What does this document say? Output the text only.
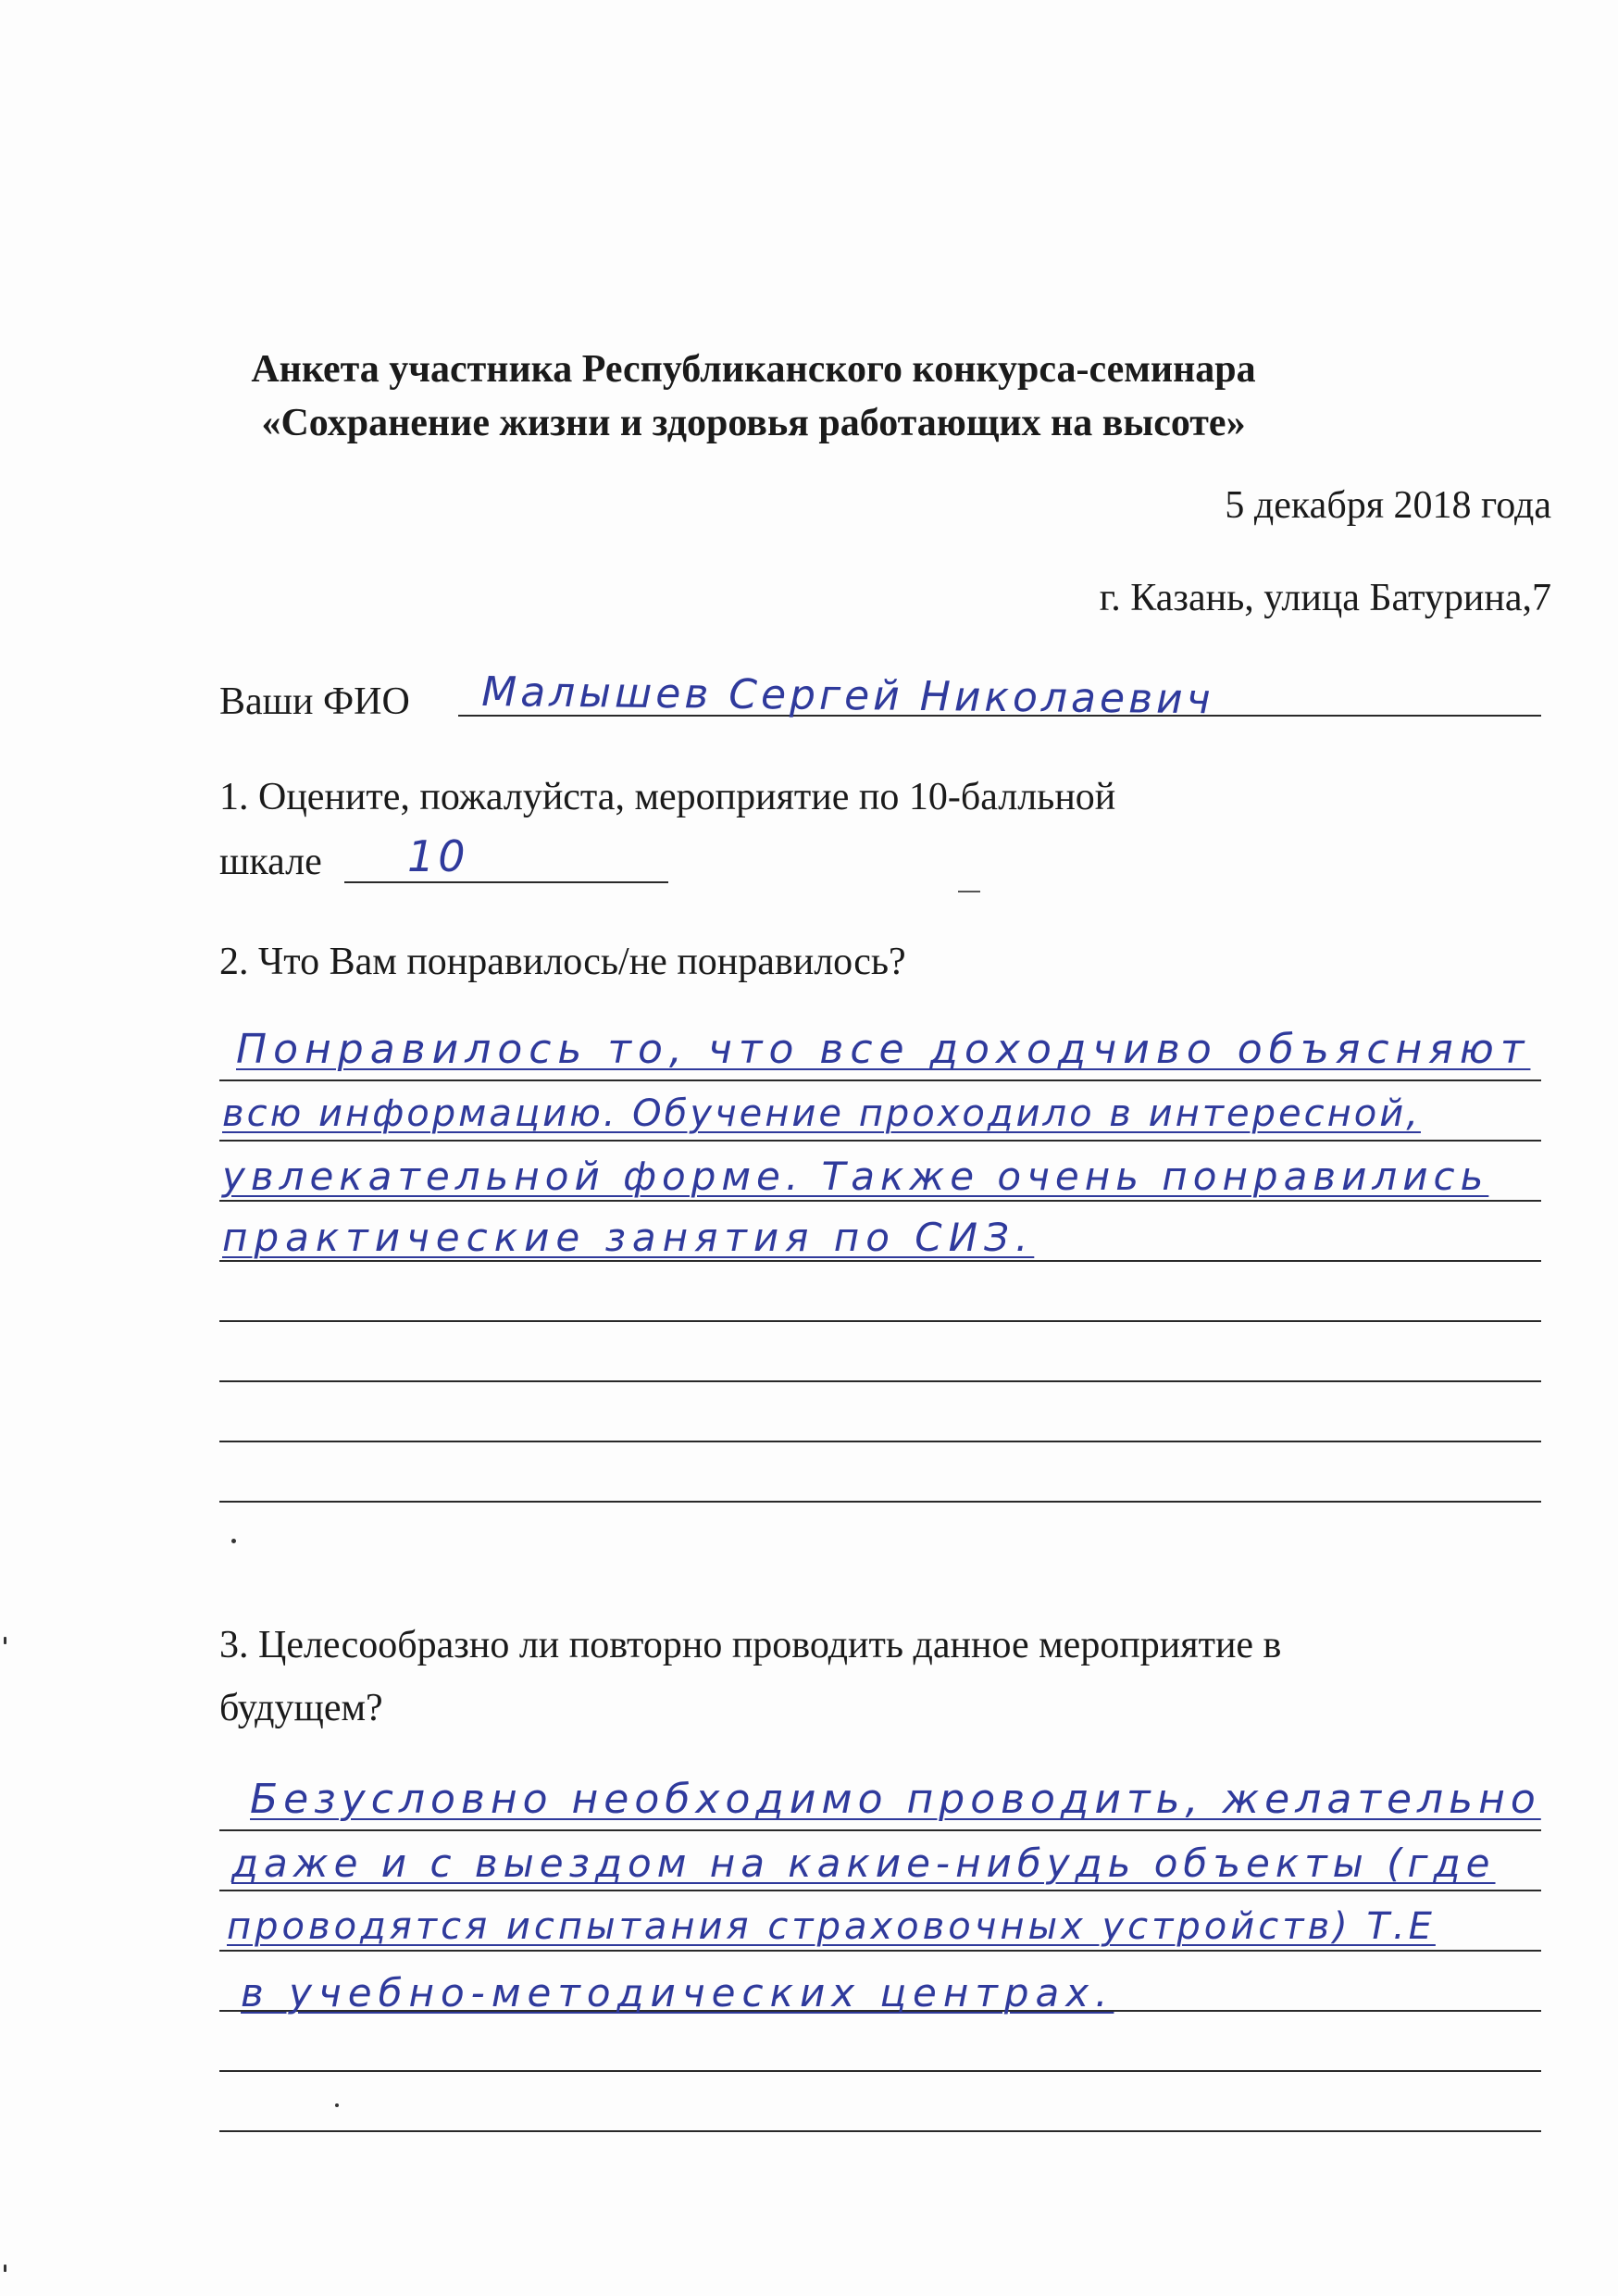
Анкета участника Республиканского конкурса-семинара
«Сохранение жизни и здоровья работающих на высоте»
5 декабря 2018 года
г. Казань, улица Батурина,7
Ваши ФИО Малышев Сергей Николаевич
1. Оцените, пожалуйста, мероприятие по 10-балльной
шкале 10
2. Что Вам понравилось/не понравилось?
Понравилось то, что все доходчиво объясняют
всю информацию. Обучение проходило в интересной,
увлекательной форме. Также очень понравились
практические занятия по СИЗ.
3. Целесообразно ли повторно проводить данное мероприятие в
будущем?
Безусловно необходимо проводить, желательно
даже и с выездом на какие-нибудь объекты (где
проводятся испытания страховочных устройств) Т.Е
в учебно-методических центрах.
